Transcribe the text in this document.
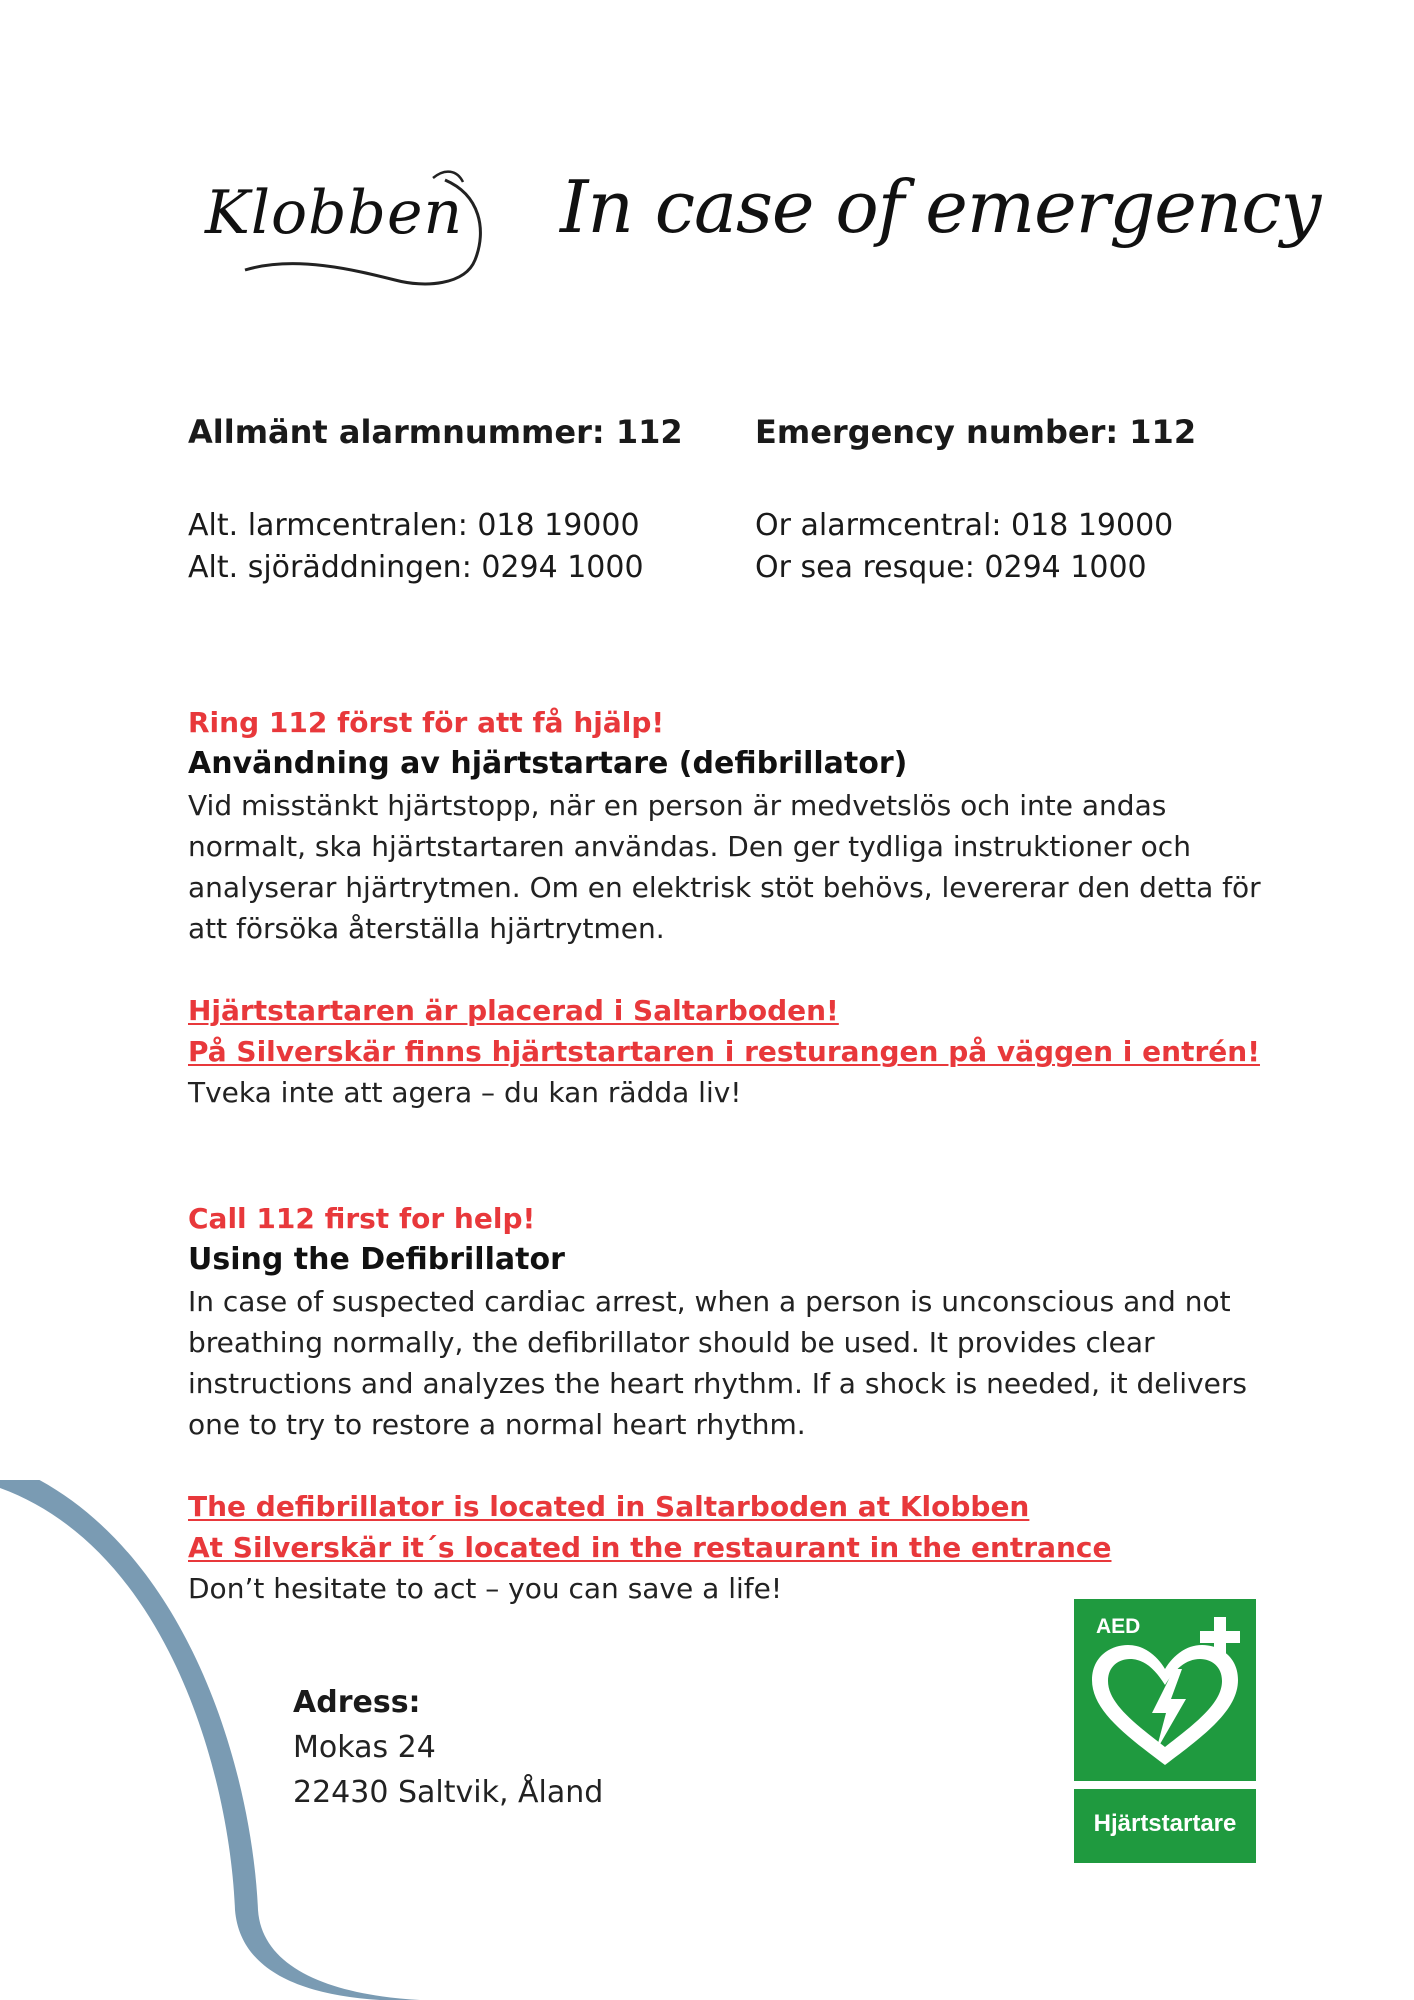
Klobben In case of emergency
Allmänt alarmnummer: 112
Alt. larmcentralen: 018 19000
Alt. sjöräddningen: 0294 1000
Emergency number: 112
Or alarmcentral: 018 19000
Or sea resque: 0294 1000
Ring 112 först för att få hjälp!
Användning av hjärtstartare (defibrillator)
Vid misstänkt hjärtstopp, när en person är medvetslös och inte andas
normalt, ska hjärtstartaren användas. Den ger tydliga instruktioner och
analyserar hjärtrytmen. Om en elektrisk stöt behövs, levererar den detta för
att försöka återställa hjärtrytmen.
Hjärtstartaren är placerad i Saltarboden!
På Silverskär finns hjärtstartaren i resturangen på väggen i entrén!
Tveka inte att agera – du kan rädda liv!
Call 112 first for help!
Using the Defibrillator
In case of suspected cardiac arrest, when a person is unconscious and not
breathing normally, the defibrillator should be used. It provides clear
instructions and analyzes the heart rhythm. If a shock is needed, it delivers
one to try to restore a normal heart rhythm.
The defibrillator is located in Saltarboden at Klobben
At Silverskär it´s located in the restaurant in the entrance
Don’t hesitate to act – you can save a life!
Adress:
Mokas 24
22430 Saltvik, Åland
AED
Hjärtstartare
